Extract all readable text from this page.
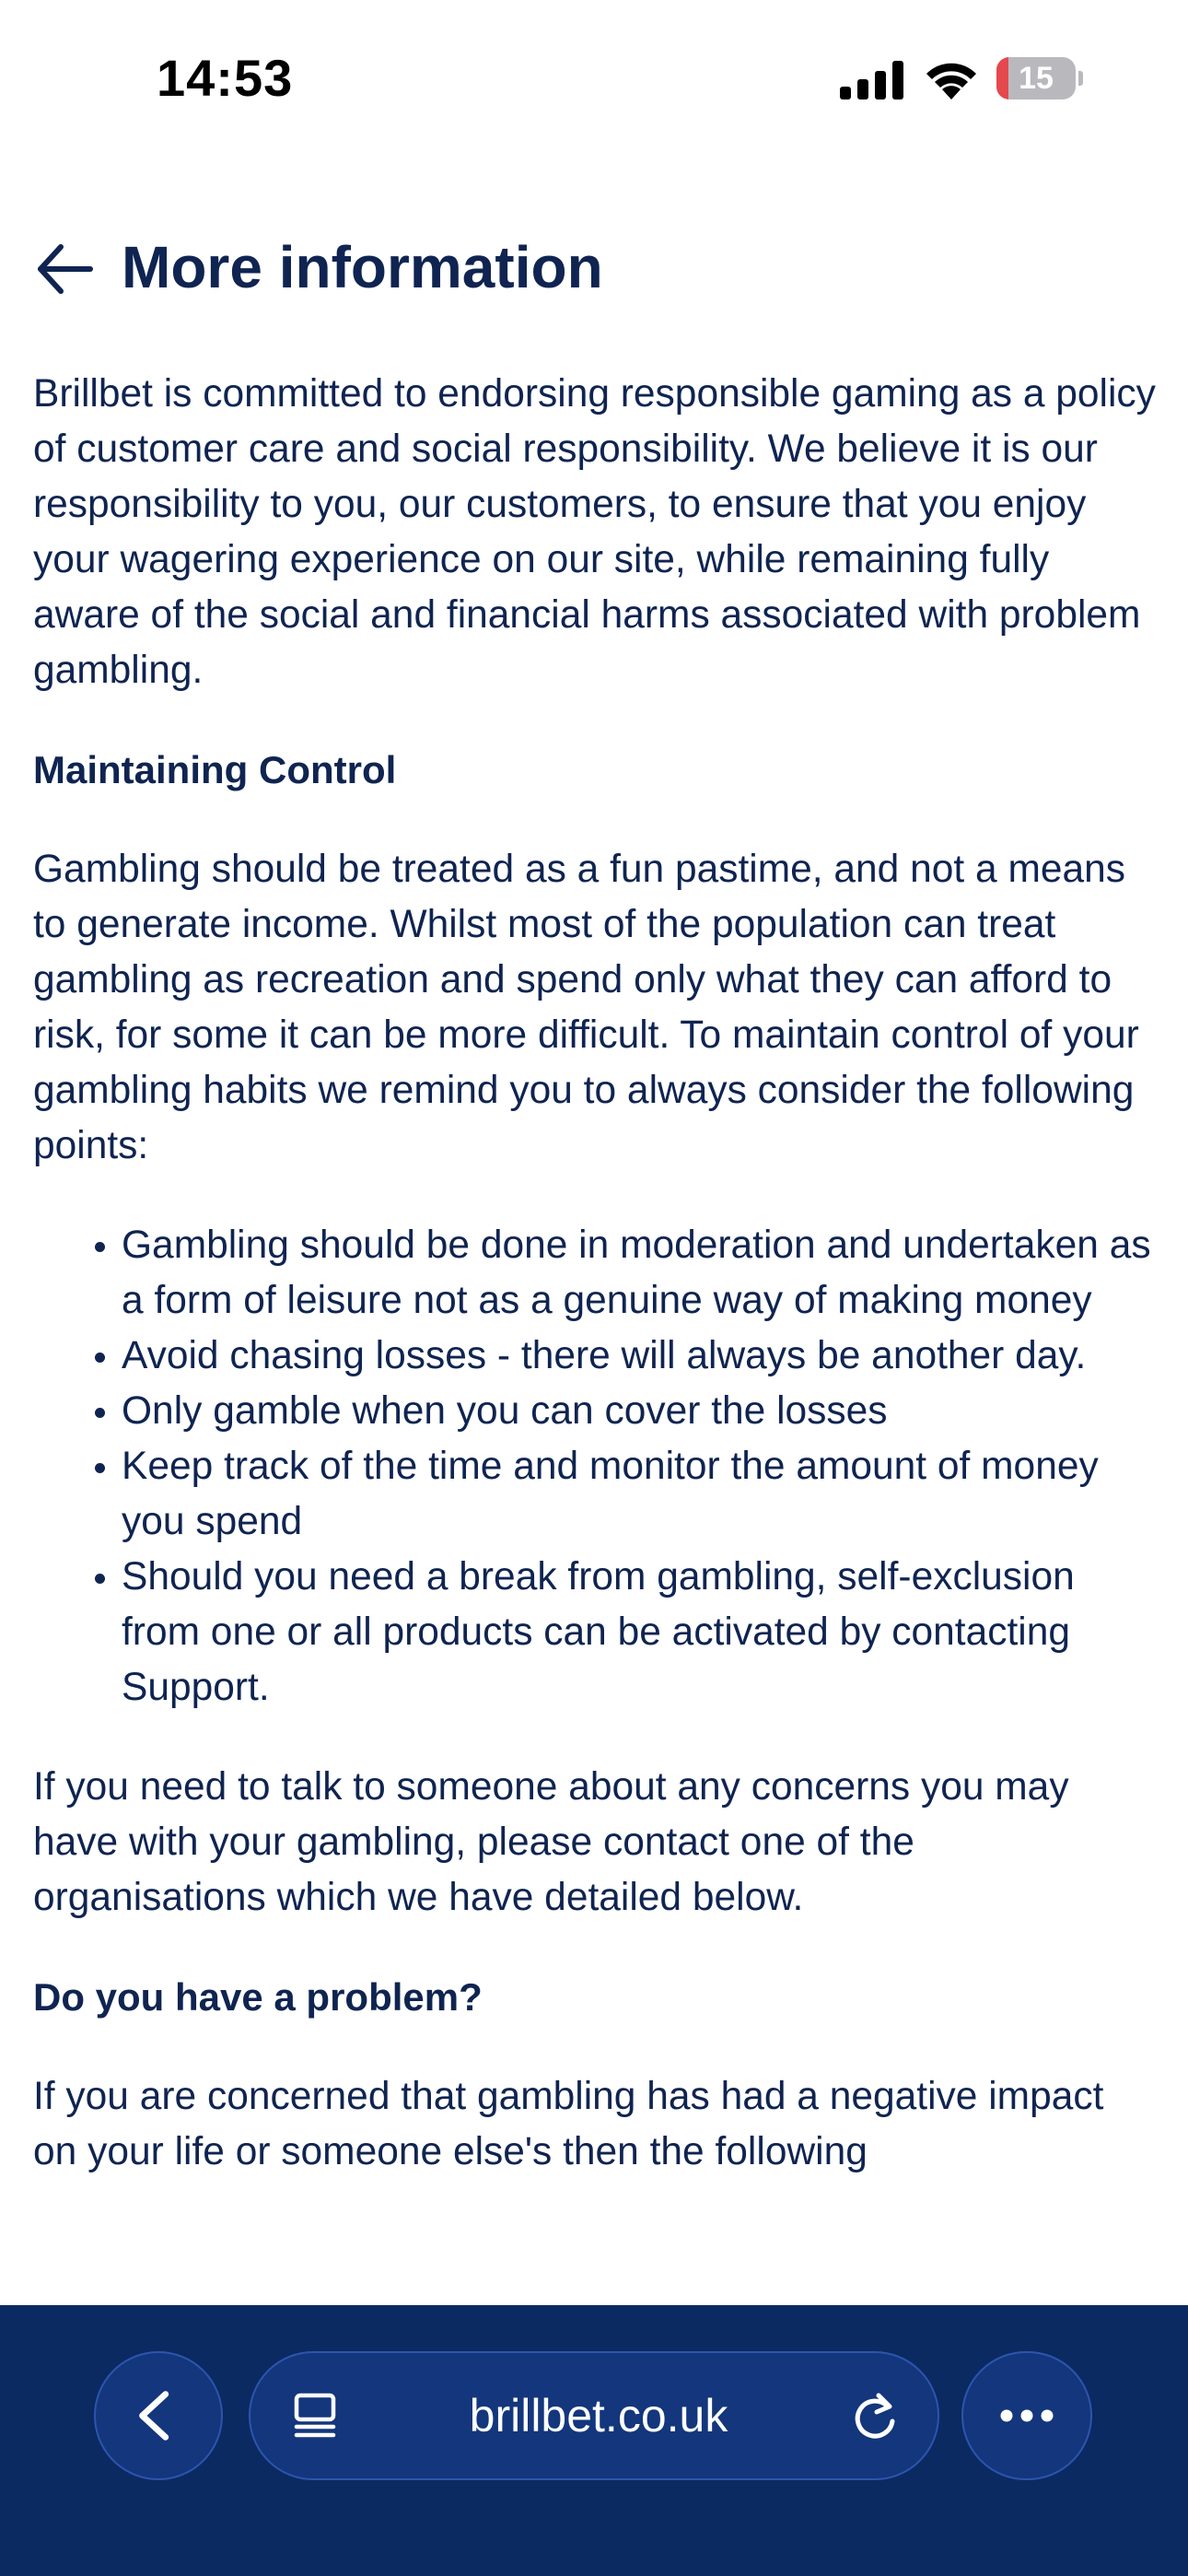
14:53	15
More information

Brillbet is committed to endorsing responsible gaming as a policy of customer care and social responsibility. We believe it is our responsibility to you, our customers, to ensure that you enjoy your wagering experience on our site, while remaining fully aware of the social and financial harms associated with problem gambling.

Maintaining Control

Gambling should be treated as a fun pastime, and not a means to generate income. Whilst most of the population can treat gambling as recreation and spend only what they can afford to risk, for some it can be more difficult. To maintain control of your gambling habits we remind you to always consider the following points:

• Gambling should be done in moderation and undertaken as a form of leisure not as a genuine way of making money
• Avoid chasing losses - there will always be another day.
• Only gamble when you can cover the losses
• Keep track of the time and monitor the amount of money you spend
• Should you need a break from gambling, self-exclusion from one or all products can be activated by contacting Support.

If you need to talk to someone about any concerns you may have with your gambling, please contact one of the organisations which we have detailed below.

Do you have a problem?

If you are concerned that gambling has had a negative impact on your life or someone else's then the following

brillbet.co.uk
